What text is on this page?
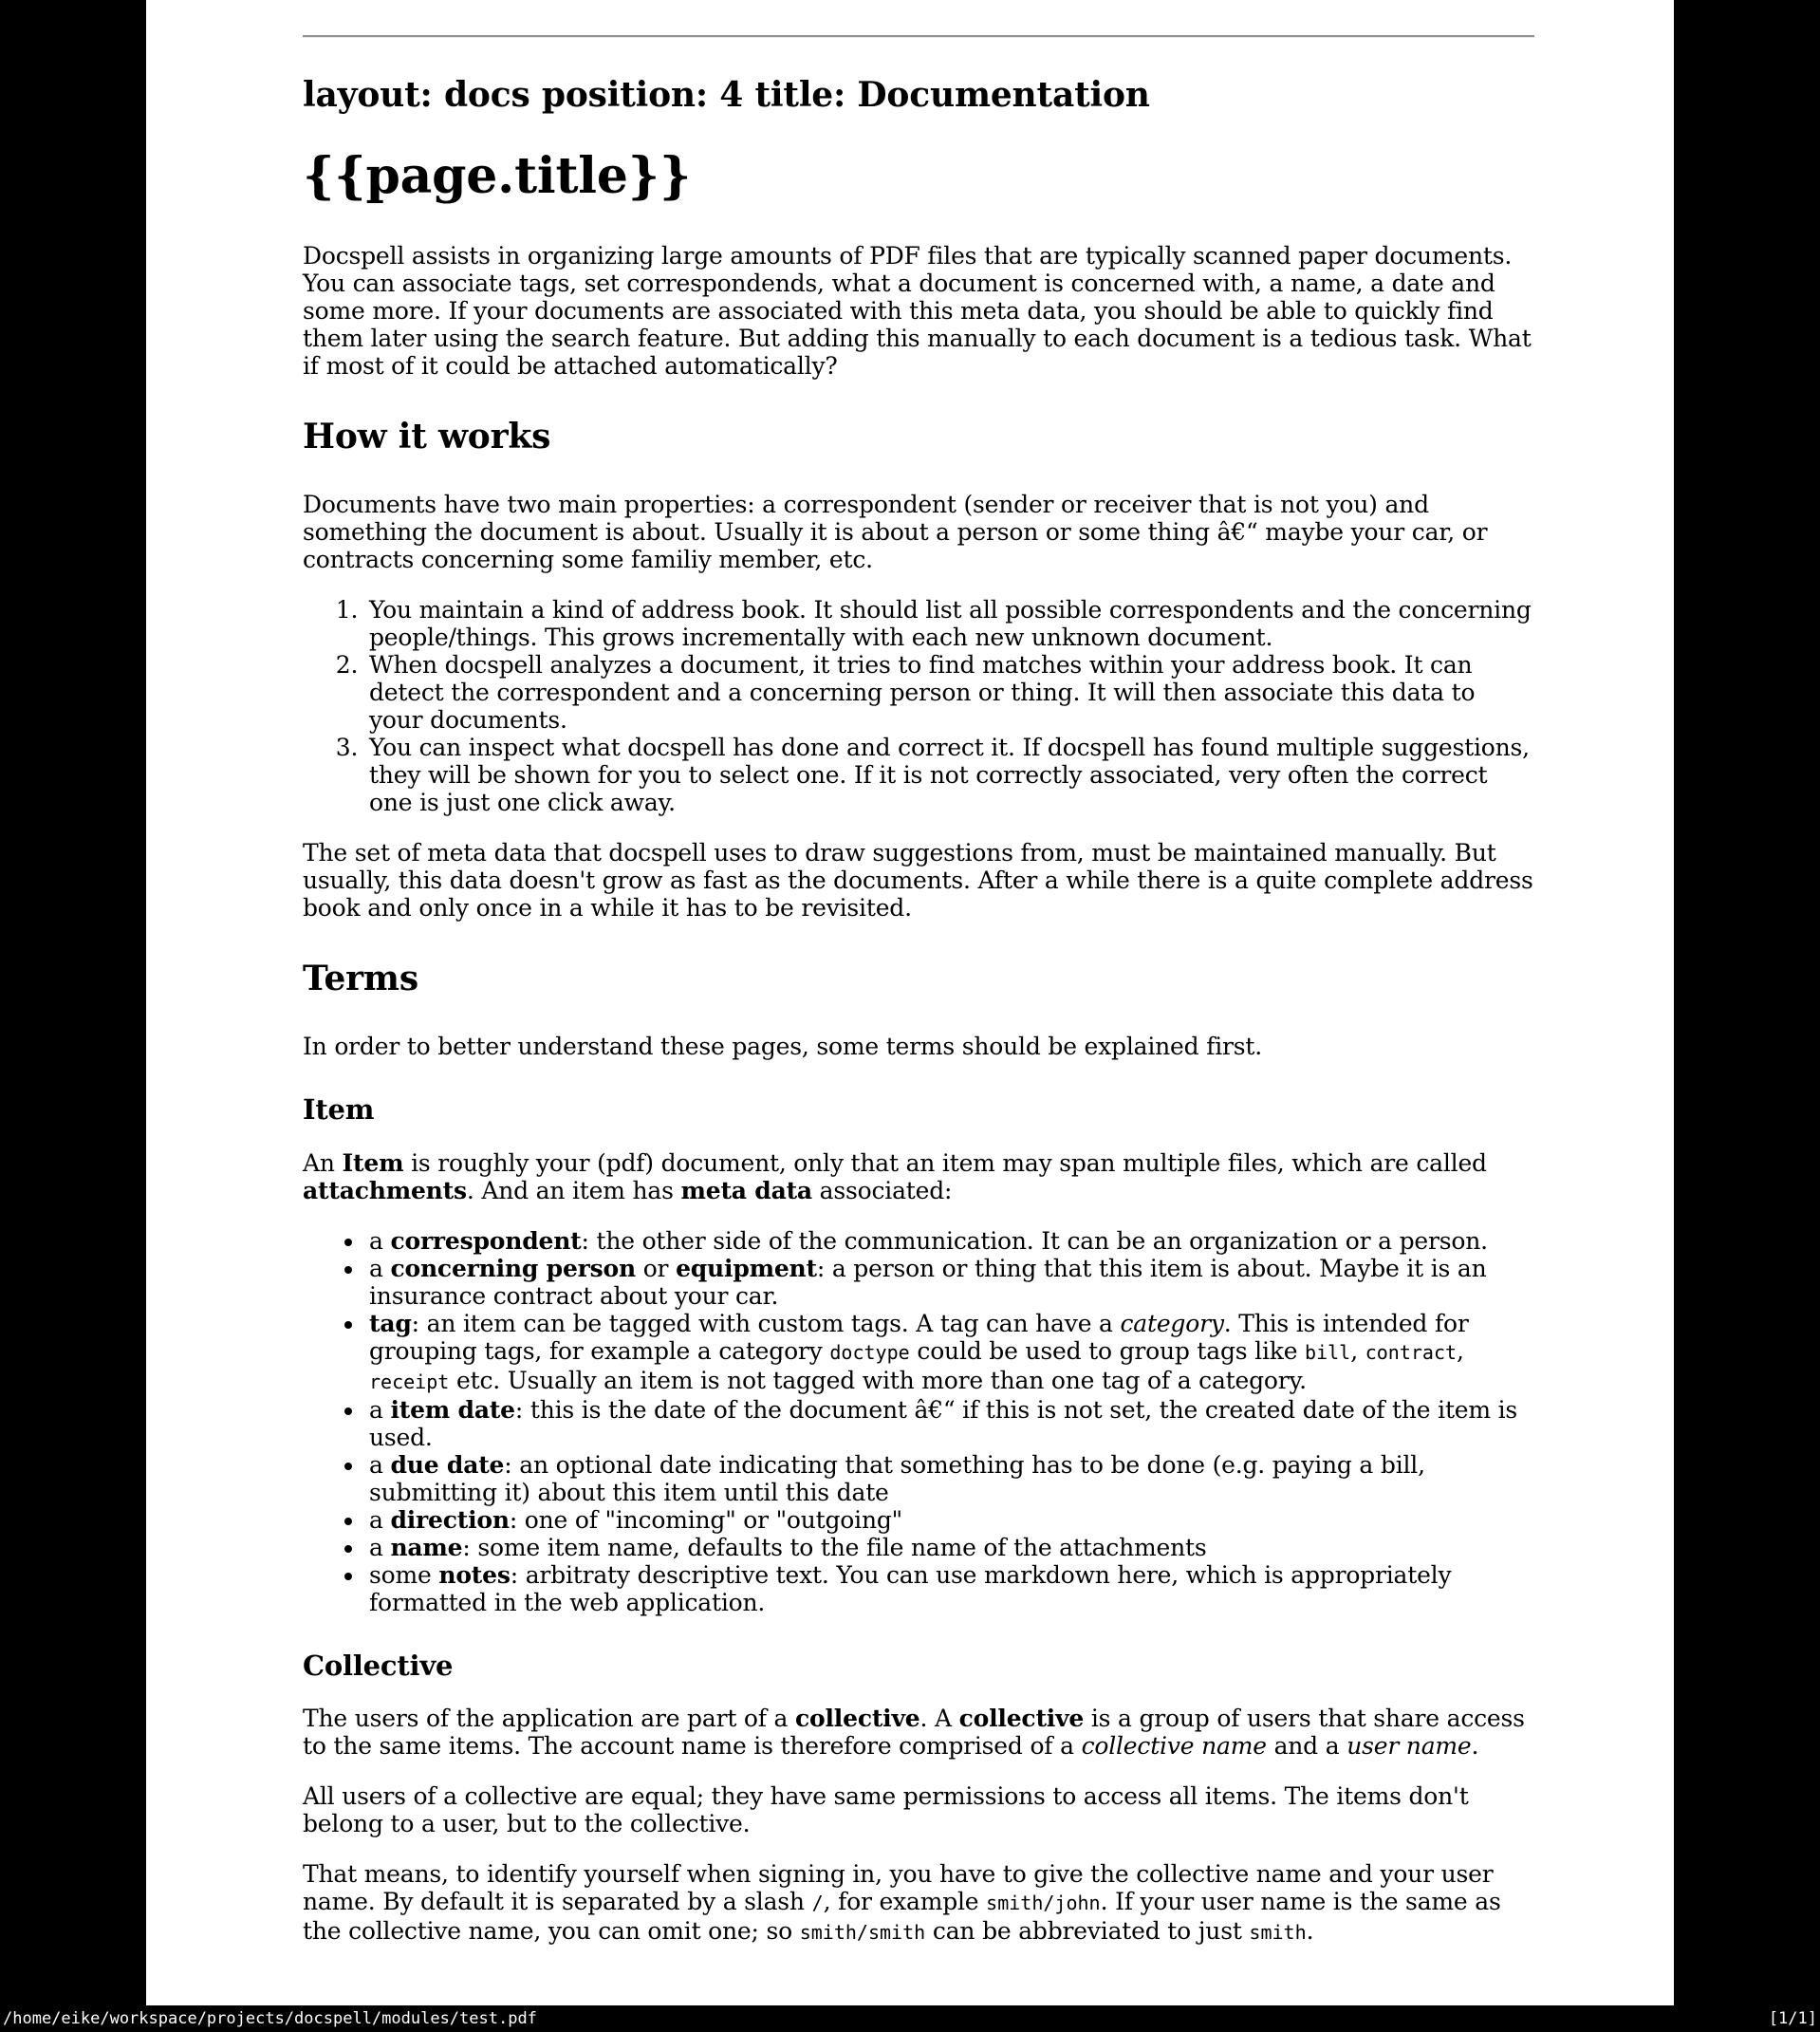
layout: docs position: 4 title: Documentation
{{page.title}}

Docspell assists in organizing large amounts of PDF files that are typically scanned paper documents. You can associate tags, set correspondends, what a document is concerned with, a name, a date and some more. If your documents are associated with this meta data, you should be able to quickly find them later using the search feature. But adding this manually to each document is a tedious task. What if most of it could be attached automatically?

How it works

Documents have two main properties: a correspondent (sender or receiver that is not you) and something the document is about. Usually it is about a person or some thing â€“ maybe your car, or contracts concerning some familiy member, etc.

1. You maintain a kind of address book. It should list all possible correspondents and the concerning people/things. This grows incrementally with each new unknown document.
2. When docspell analyzes a document, it tries to find matches within your address book. It can detect the correspondent and a concerning person or thing. It will then associate this data to your documents.
3. You can inspect what docspell has done and correct it. If docspell has found multiple suggestions, they will be shown for you to select one. If it is not correctly associated, very often the correct one is just one click away.

The set of meta data that docspell uses to draw suggestions from, must be maintained manually. But usually, this data doesn't grow as fast as the documents. After a while there is a quite complete address book and only once in a while it has to be revisited.

Terms

In order to better understand these pages, some terms should be explained first.

Item

An Item is roughly your (pdf) document, only that an item may span multiple files, which are called attachments. And an item has meta data associated:

• a correspondent: the other side of the communication. It can be an organization or a person.
• a concerning person or equipment: a person or thing that this item is about. Maybe it is an insurance contract about your car.
• tag: an item can be tagged with custom tags. A tag can have a category. This is intended for grouping tags, for example a category doctype could be used to group tags like bill, contract, receipt etc. Usually an item is not tagged with more than one tag of a category.
• a item date: this is the date of the document â€“ if this is not set, the created date of the item is used.
• a due date: an optional date indicating that something has to be done (e.g. paying a bill, submitting it) about this item until this date
• a direction: one of "incoming" or "outgoing"
• a name: some item name, defaults to the file name of the attachments
• some notes: arbitraty descriptive text. You can use markdown here, which is appropriately formatted in the web application.
Collective

The users of the application are part of a collective. A collective is a group of users that share access to the same items. The account name is therefore comprised of a collective name and a user name.

All users of a collective are equal; they have same permissions to access all items. The items don't belong to a user, but to the collective.

That means, to identify yourself when signing in, you have to give the collective name and your user name. By default it is separated by a slash /, for example smith/john. If your user name is the same as the collective name, you can omit one; so smith/smith can be abbreviated to just smith.

/home/eike/workspace/projects/docspell/modules/test.pdf	[1/1]
